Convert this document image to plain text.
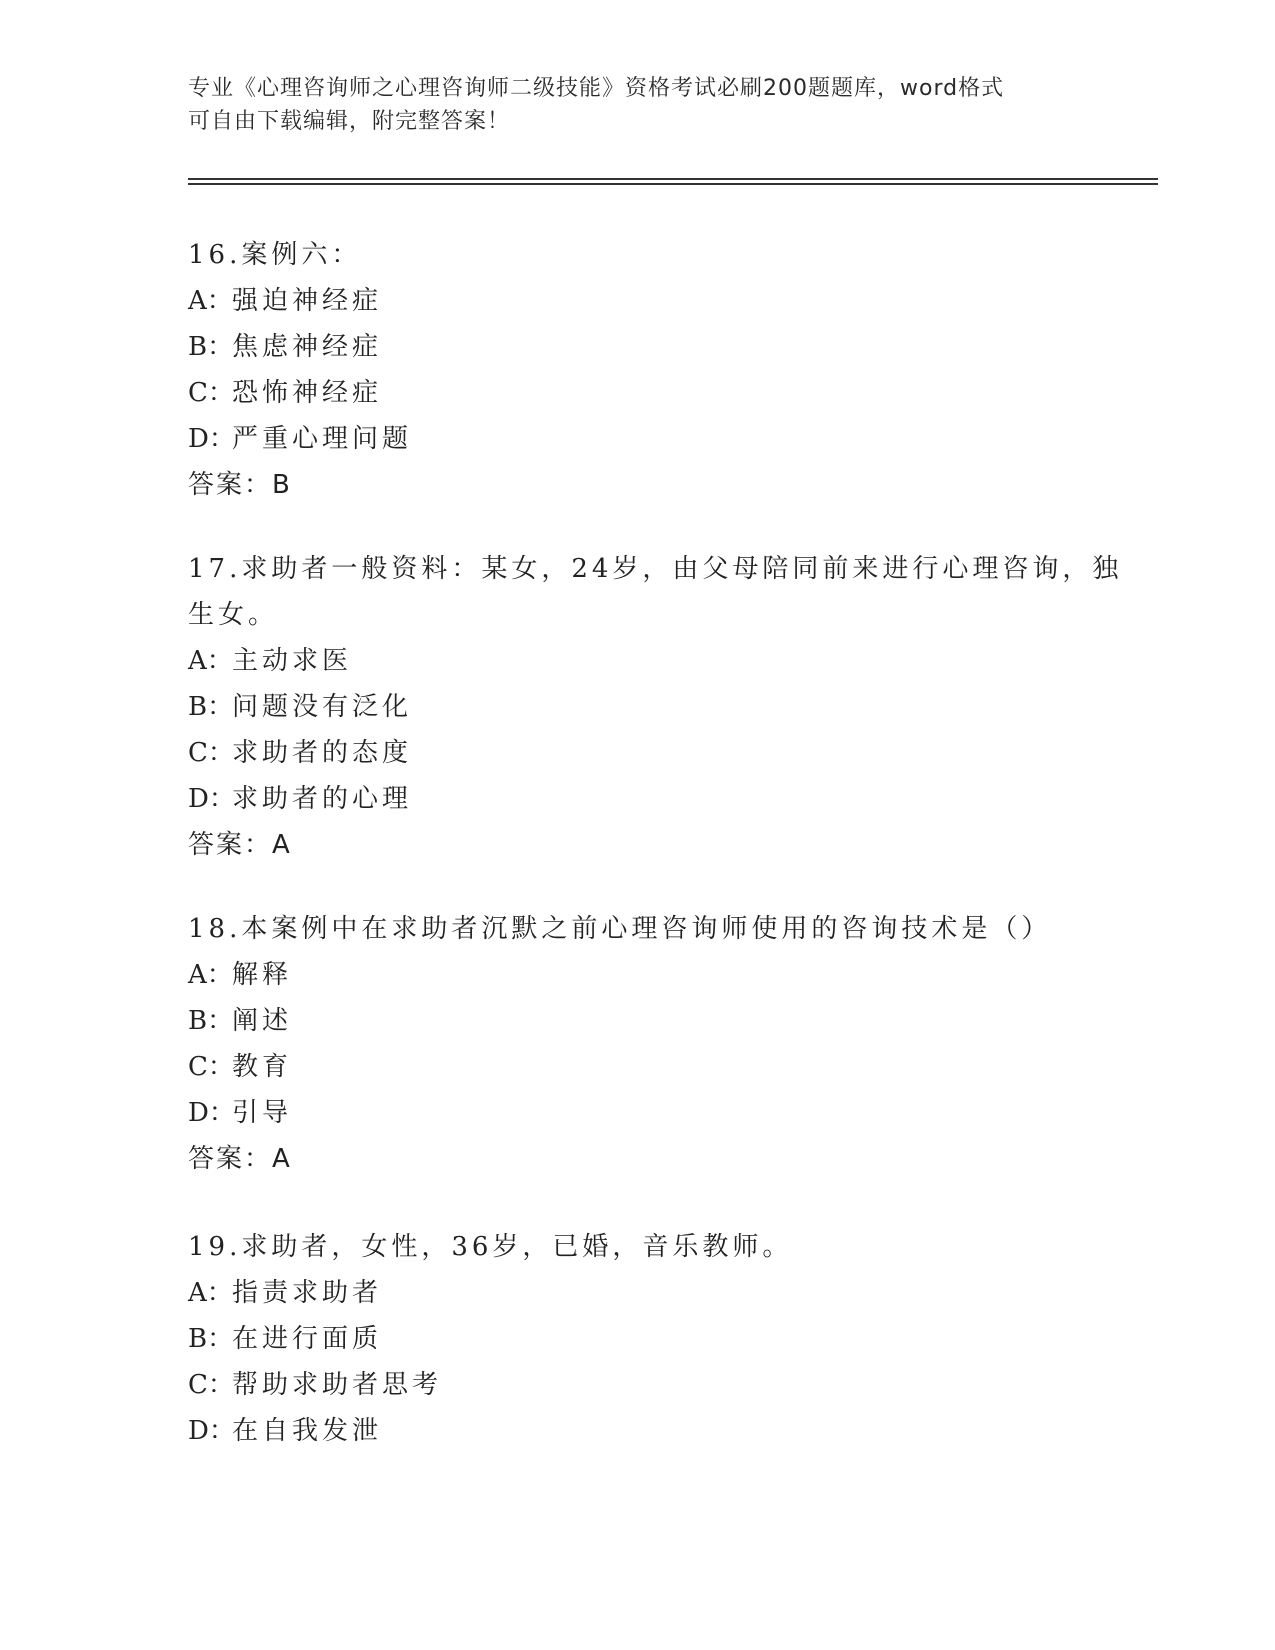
专业《心理咨询师之心理咨询师二级技能》资格考试必刷200题题库，word格式
可自由下载编辑，附完整答案！
16.案例六：
A：强迫神经症
B：焦虑神经症
C：恐怖神经症
D：严重心理问题
答案：B
17.求助者一般资料：某女，24岁，由父母陪同前来进行心理咨询，独
生女。
A：主动求医
B：问题没有泛化
C：求助者的态度
D：求助者的心理
答案：A
18.本案例中在求助者沉默之前心理咨询师使用的咨询技术是（）
A：解释
B：阐述
C：教育
D：引导
答案：A
19.求助者，女性，36岁，已婚，音乐教师。
A：指责求助者
B：在进行面质
C：帮助求助者思考
D：在自我发泄
